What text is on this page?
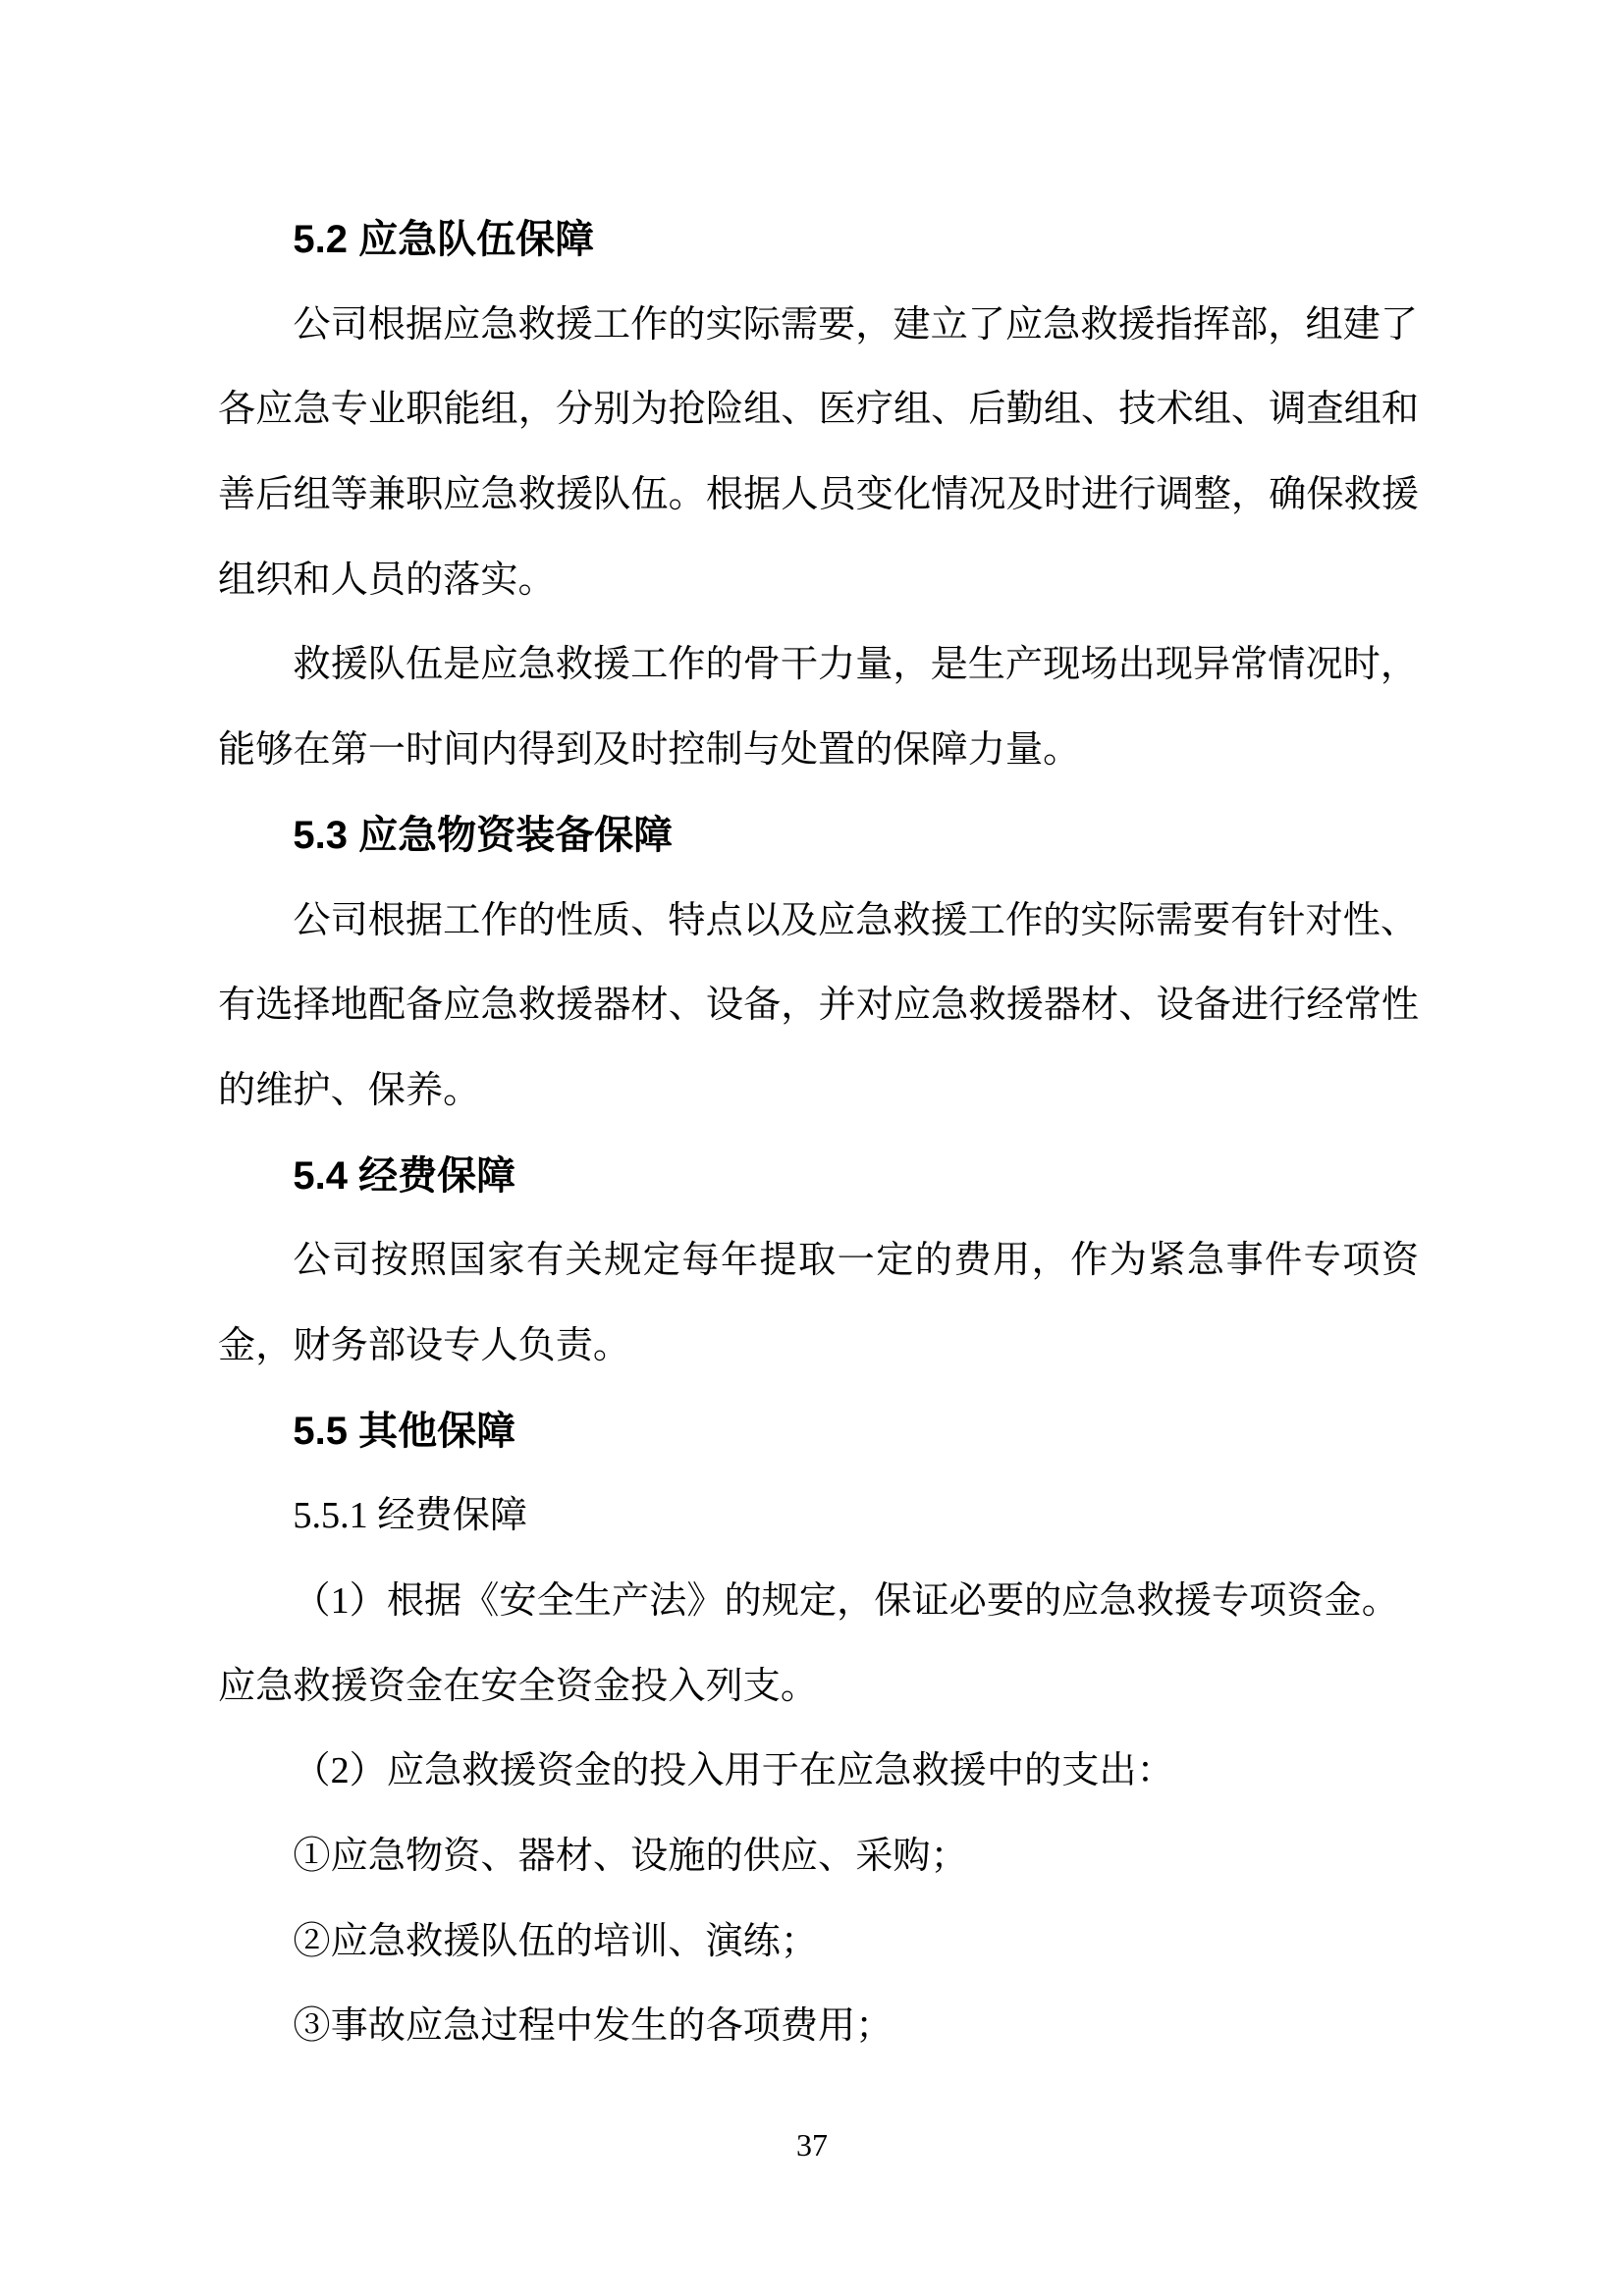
5.2 应急队伍保障
公司根据应急救援工作的实际需要，建立了应急救援指挥部，组建了
各应急专业职能组，分别为抢险组、医疗组、后勤组、技术组、调查组和
善后组等兼职应急救援队伍。根据人员变化情况及时进行调整，确保救援
组织和人员的落实。
救援队伍是应急救援工作的骨干力量，是生产现场出现异常情况时，
能够在第一时间内得到及时控制与处置的保障力量。
5.3 应急物资装备保障
公司根据工作的性质、特点以及应急救援工作的实际需要有针对性、
有选择地配备应急救援器材、设备，并对应急救援器材、设备进行经常性
的维护、保养。
5.4 经费保障
公司按照国家有关规定每年提取一定的费用，作为紧急事件专项资
金，财务部设专人负责。
5.5 其他保障
5.5.1 经费保障
（1）根据《安全生产法》的规定，保证必要的应急救援专项资金。
应急救援资金在安全资金投入列支。
（2）应急救援资金的投入用于在应急救援中的支出：
①应急物资、器材、设施的供应、采购；
②应急救援队伍的培训、演练；
③事故应急过程中发生的各项费用；
37
